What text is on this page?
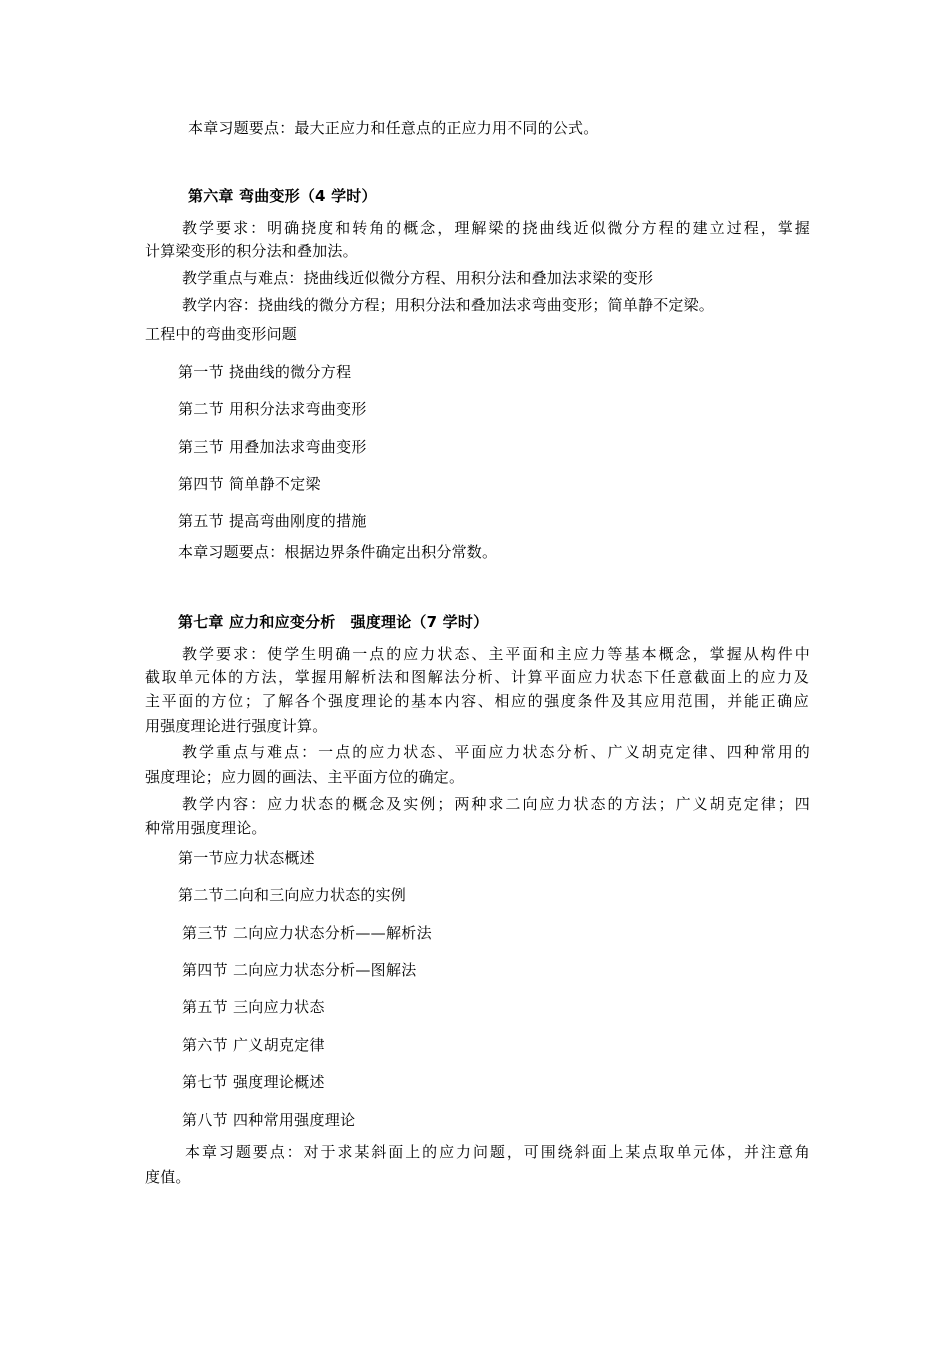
本章习题要点：最大正应力和任意点的正应力用不同的公式。
第六章 弯曲变形（4 学时）
教学要求：明确挠度和转角的概念，理解梁的挠曲线近似微分方程的建立过程，掌握
计算梁变形的积分法和叠加法。
教学重点与难点：挠曲线近似微分方程、用积分法和叠加法求梁的变形
教学内容：挠曲线的微分方程；用积分法和叠加法求弯曲变形；简单静不定梁。
工程中的弯曲变形问题
第一节 挠曲线的微分方程
第二节 用积分法求弯曲变形
第三节 用叠加法求弯曲变形
第四节 简单静不定梁
第五节 提高弯曲刚度的措施
本章习题要点：根据边界条件确定出积分常数。
第七章 应力和应变分析　强度理论（7 学时）
教学要求：使学生明确一点的应力状态、主平面和主应力等基本概念，掌握从构件中
截取单元体的方法，掌握用解析法和图解法分析、计算平面应力状态下任意截面上的应力及
主平面的方位；了解各个强度理论的基本内容、相应的强度条件及其应用范围，并能正确应
用强度理论进行强度计算。
教学重点与难点：一点的应力状态、平面应力状态分析、广义胡克定律、四种常用的
强度理论；应力圆的画法、主平面方位的确定。
教学内容：应力状态的概念及实例；两种求二向应力状态的方法；广义胡克定律；四
种常用强度理论。
第一节应力状态概述
第二节二向和三向应力状态的实例
第三节 二向应力状态分析——解析法
第四节 二向应力状态分析—图解法
第五节 三向应力状态
第六节 广义胡克定律
第七节 强度理论概述
第八节 四种常用强度理论
本章习题要点：对于求某斜面上的应力问题，可围绕斜面上某点取单元体，并注意角
度值。
